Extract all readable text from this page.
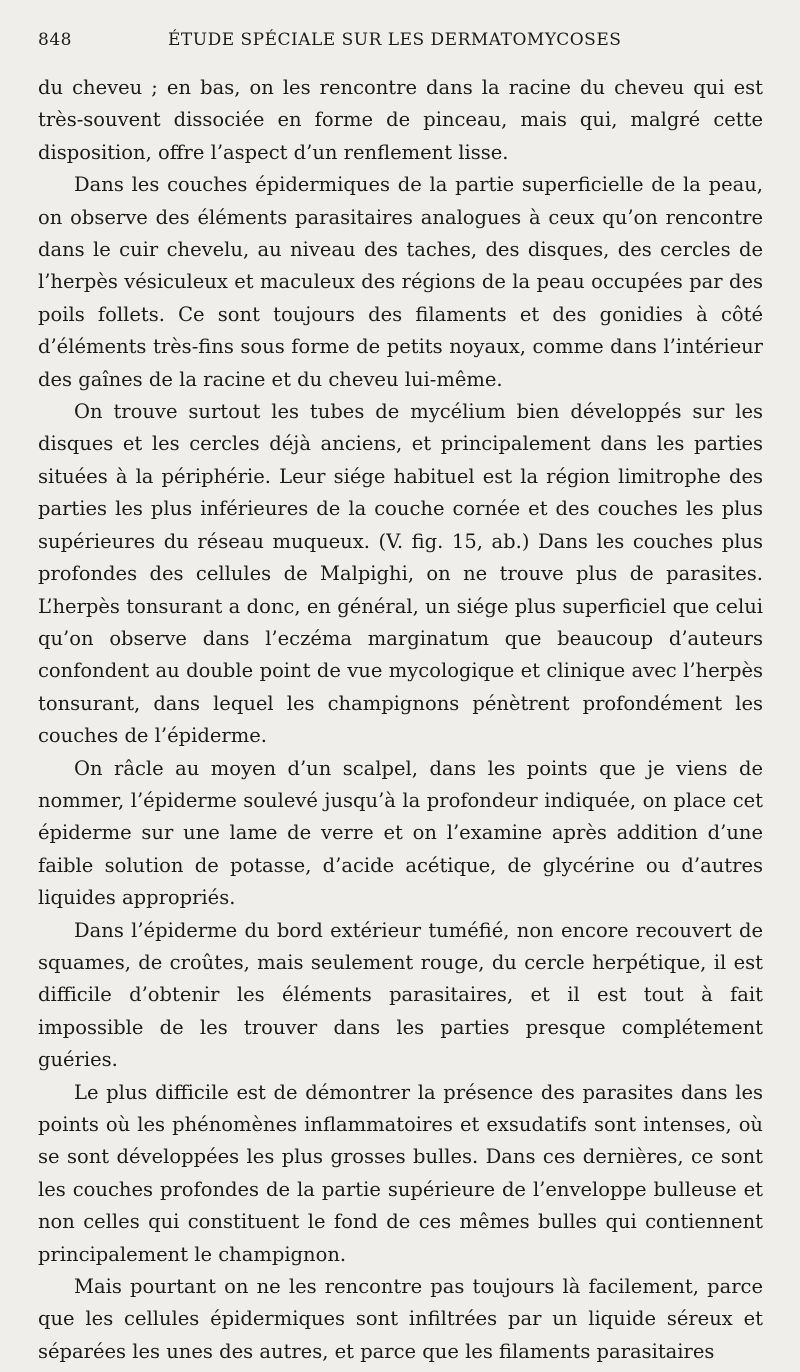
848	ÉTUDE SPÉCIALE SUR LES DERMATOMYCOSES

du cheveu ; en bas, on les rencontre dans la racine du cheveu qui est très-souvent dissociée en forme de pinceau, mais qui, malgré cette disposition, offre l’aspect d’un renflement lisse.

Dans les couches épidermiques de la partie superficielle de la peau, on observe des éléments parasitaires analogues à ceux qu’on rencontre dans le cuir chevelu, au niveau des taches, des disques, des cercles de l’herpès vésiculeux et maculeux des régions de la peau occupées par des poils follets. Ce sont toujours des filaments et des gonidies à côté d’éléments très-fins sous forme de petits noyaux, comme dans l’intérieur des gaînes de la racine et du cheveu lui-même.

On trouve surtout les tubes de mycélium bien développés sur les disques et les cercles déjà anciens, et principalement dans les parties situées à la périphérie. Leur siége habituel est la région limitrophe des parties les plus inférieures de la couche cornée et des couches les plus supérieures du réseau muqueux. (V. fig. 15, ab.) Dans les couches plus profondes des cellules de Malpighi, on ne trouve plus de parasites. L’herpès tonsurant a donc, en général, un siége plus superficiel que celui qu’on observe dans l’eczéma marginatum que beaucoup d’auteurs confondent au double point de vue mycologique et clinique avec l’herpès tonsurant, dans lequel les champignons pénètrent profondément les couches de l’épiderme.

On râcle au moyen d’un scalpel, dans les points que je viens de nommer, l’épiderme soulevé jusqu’à la profondeur indiquée, on place cet épiderme sur une lame de verre et on l’examine après addition d’une faible solution de potasse, d’acide acétique, de glycérine ou d’autres liquides appropriés.

Dans l’épiderme du bord extérieur tuméfié, non encore recouvert de squames, de croûtes, mais seulement rouge, du cercle herpétique, il est difficile d’obtenir les éléments parasitaires, et il est tout à fait impossible de les trouver dans les parties presque complétement guéries.

Le plus difficile est de démontrer la présence des parasites dans les points où les phénomènes inflammatoires et exsudatifs sont intenses, où se sont développées les plus grosses bulles. Dans ces dernières, ce sont les couches profondes de la partie supérieure de l’enveloppe bulleuse et non celles qui constituent le fond de ces mêmes bulles qui contiennent principalement le champignon.

Mais pourtant on ne les rencontre pas toujours là facilement, parce que les cellules épidermiques sont infiltrées par un liquide séreux et séparées les unes des autres, et parce que les filaments parasitaires
